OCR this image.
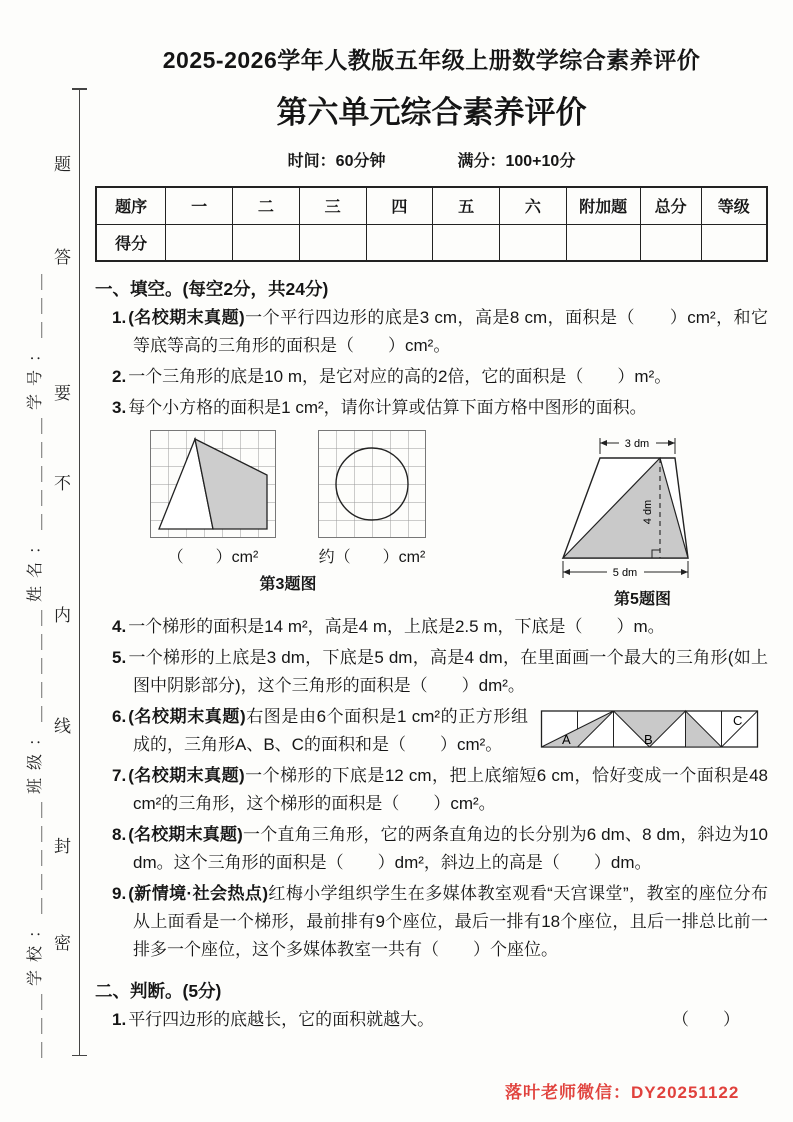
题
答
要
不
内
线
封
密
＿＿＿学校：＿＿＿＿＿班级：＿＿＿＿＿姓名：＿＿＿＿＿学号：＿＿＿
2025-2026学年人教版五年级上册数学综合素养评价
第六单元综合素养评价
时间：60分钟	满分：100+10分
题序	一	二	三	四	五	六	附加题	总分	等级
得分									
一、填空。(每空2分，共24分)
1. (名校期末真题)一个平行四边形的底是3 cm，高是8 cm，面积是（　　）cm²，和它等底等高的三角形的面积是（　　）cm²。
2. 一个三角形的底是10 m，是它对应的高的2倍，它的面积是（　　）m²。
3. 每个小方格的面积是1 cm²，请你计算或估算下面方格中图形的面积。
（　　）cm²	约（　　）cm²
第3题图
4 dm
3 dm
5 dm
第5题图
4. 一个梯形的面积是14 m²，高是4 m，上底是2.5 m，下底是（　　）m。
5. 一个梯形的上底是3 dm，下底是5 dm，高是4 dm，在里面画一个最大的三角形(如上图中阴影部分)，这个三角形的面积是（　　）dm²。
A	B
C
6. (名校期末真题)右图是由6个面积是1 cm²的正方形组成的，三角形A、B、C的面积和是（　　）cm²。
7. (名校期末真题)一个梯形的下底是12 cm，把上底缩短6 cm，恰好变成一个面积是48 cm²的三角形，这个梯形的面积是（　　）cm²。
8. (名校期末真题)一个直角三角形，它的两条直角边的长分别为6 dm、8 dm，斜边为10 dm。这个三角形的面积是（　　）dm²，斜边上的高是（　　）dm。
9. (新情境·社会热点)红梅小学组织学生在多媒体教室观看“天宫课堂”，教室的座位分布从上面看是一个梯形，最前排有9个座位，最后一排有18个座位，且后一排总比前一排多一个座位，这个多媒体教室一共有（　　）个座位。
二、判断。(5分)
（　　）
1. 平行四边形的底越长，它的面积就越大。
落叶老师微信：DY20251122
